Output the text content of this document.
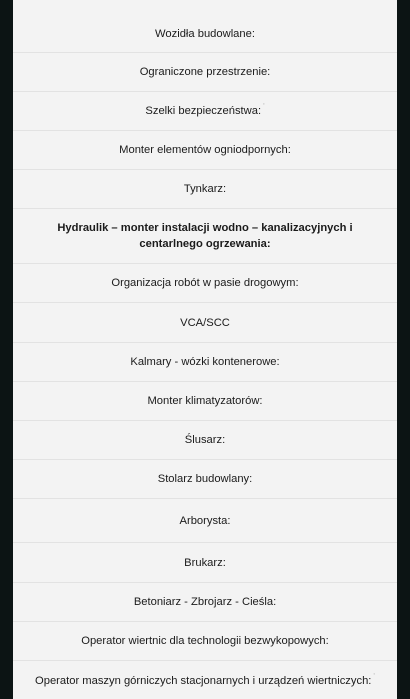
Wozidła budowlane:
Ograniczone przestrzenie:
Szelki bezpieczeństwa: '
Monter elementów ogniodpornych:
Tynkarz:
Hydraulik – monter instalacji wodno – kanalizacyjnych i centarlnego ogrzewania:
Organizacja robót w pasie drogowym:
VCA/SCC
Kalmary - wózki kontenerowe:
Monter klimatyzatorów:
Ślusarz:
Stolarz budowlany:
Arborysta:
Brukarz:
Betoniarz - Zbrojarz - Cieśla:
Operator wiertnic dla technologii bezwykopowych:
Operator maszyn górniczych stacjonarnych i urządzeń wiertniczych: '
